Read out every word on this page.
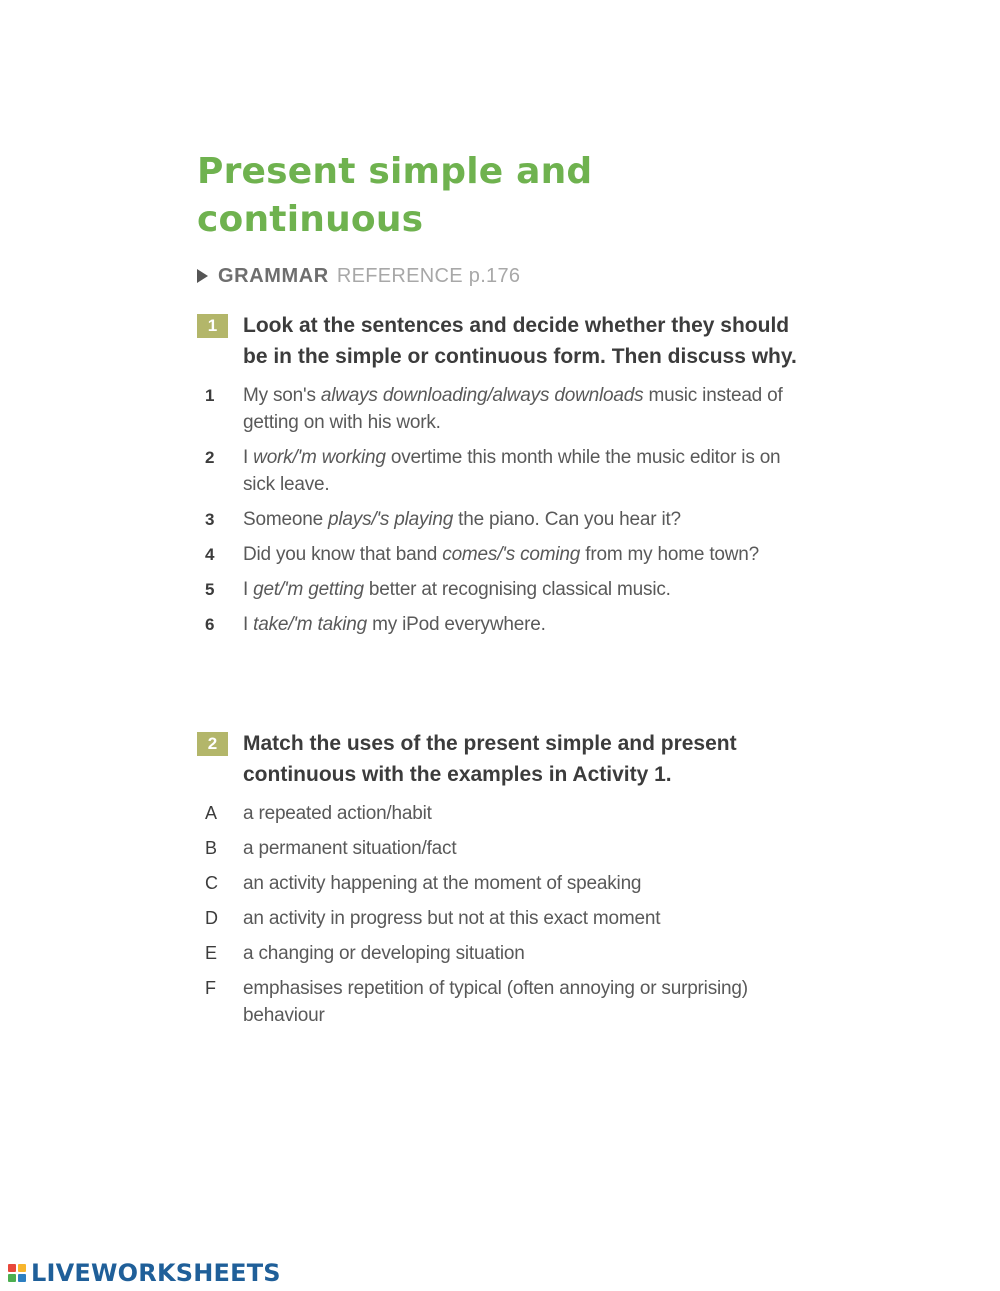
Present simple and
continuous
GRAMMAR REFERENCE p.176
1	Look at the sentences and decide whether they should be in the simple or continuous form. Then discuss why.
1 My son's always downloading/always downloads music instead of getting on with his work.
2 I work/'m working overtime this month while the music editor is on sick leave.
3 Someone plays/'s playing the piano. Can you hear it?
4 Did you know that band comes/'s coming from my home town?
5 I get/'m getting better at recognising classical music.
6 I take/'m taking my iPod everywhere.
2	Match the uses of the present simple and present continuous with the examples in Activity 1.
A a repeated action/habit
B a permanent situation/fact
C an activity happening at the moment of speaking
D an activity in progress but not at this exact moment
E a changing or developing situation
F emphasises repetition of typical (often annoying or surprising) behaviour
LIVEWORKSHEETS
